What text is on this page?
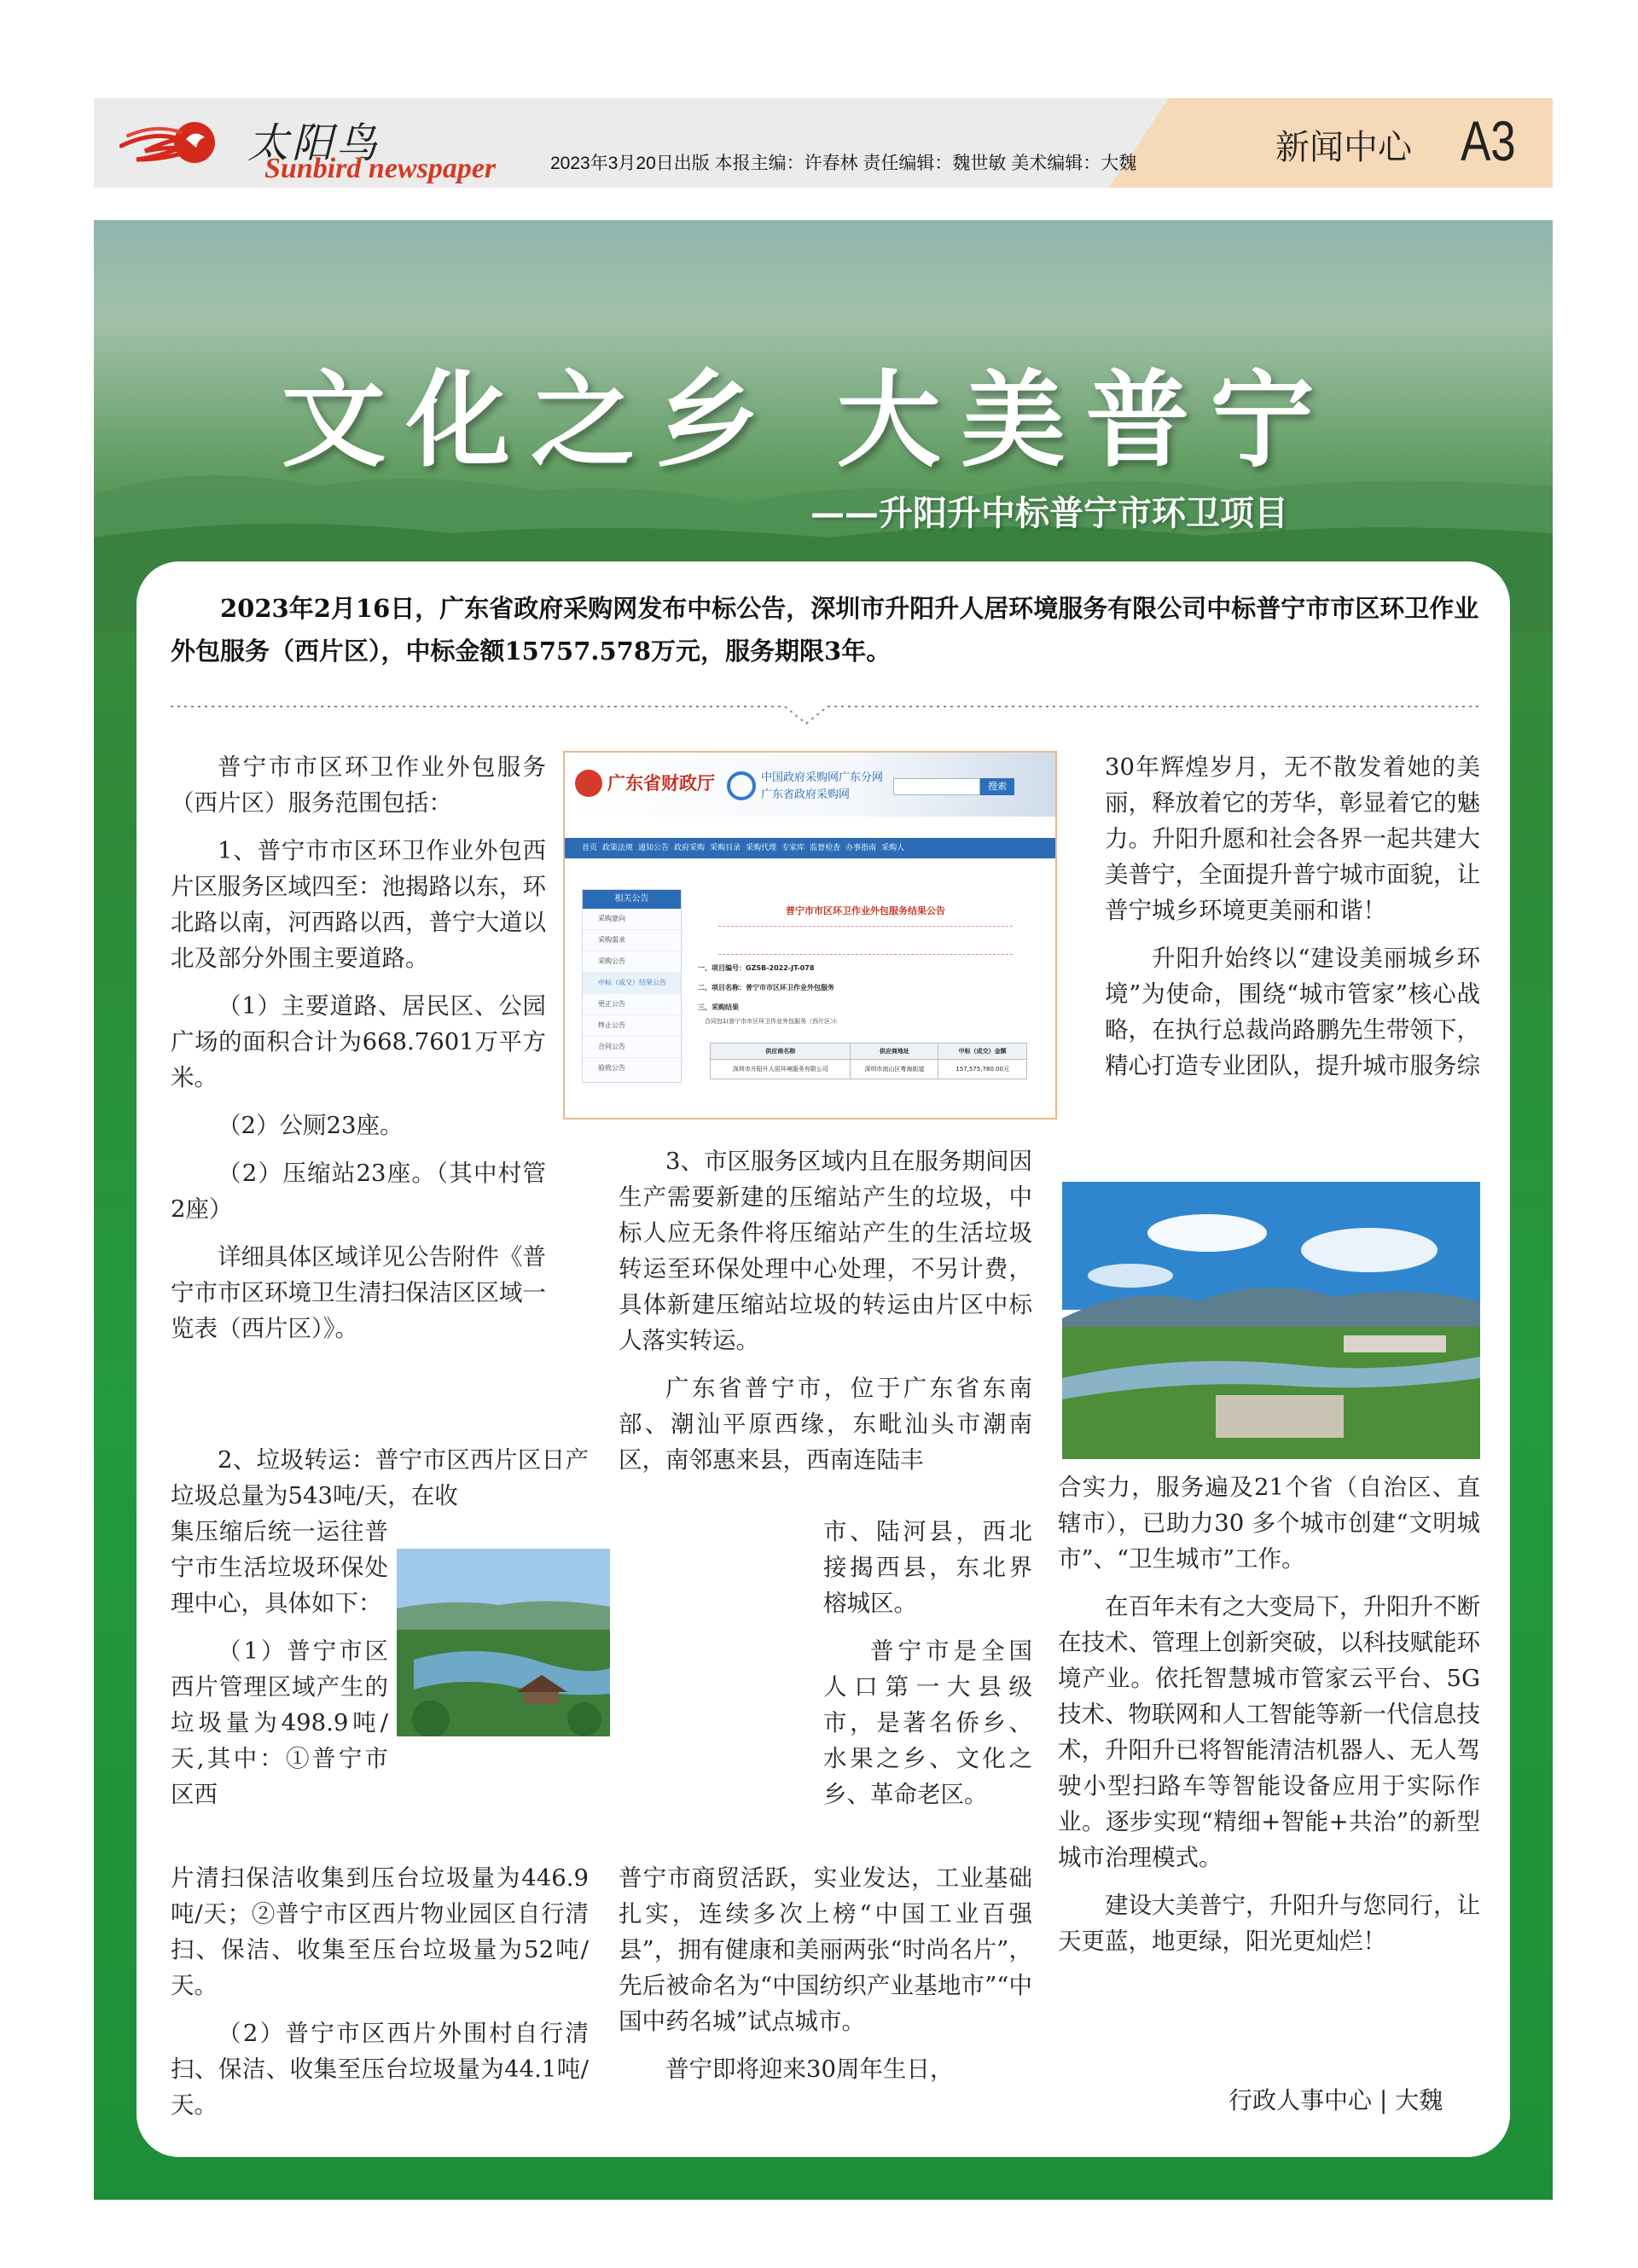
太阳鸟
Sunbird newspaper	2023年3月20日出版 本报主编：许春林 责任编辑：魏世敏 美术编辑：大魏	新闻中心 A3
文化之乡 大美普宁
——升阳升中标普宁市环卫项目

2023年2月16日，广东省政府采购网发布中标公告，深圳市升阳升人居环境服务有限公司中标普宁市市区环卫作业外包服务（西片区），中标金额15757.578万元，服务期限3年。

普宁市市区环卫作业外包服务（西片区）服务范围包括：

1、普宁市市区环卫作业外包西片区服务区域四至：池揭路以东，环北路以南，河西路以西，普宁大道以北及部分外围主要道路。

（1）主要道路、居民区、公园广场的面积合计为668.7601万平方米。

（2）公厕23座。

（2）压缩站23座。（其中村管2座）

详细具体区域详见公告附件《普宁市市区环境卫生清扫保洁区区域一览表（西片区）》。

2、垃圾转运：普宁市区西片区日产垃圾总量为543吨/天，在收

集压缩后统一运往普宁市生活垃圾环保处理中心，具体如下：

（1）普宁市区西片管理区域产生的垃圾量为498.9吨/天,其中：①普宁市区西

片清扫保洁收集到压台垃圾量为446.9吨/天；②普宁市区西片物业园区自行清扫、保洁、收集至压台垃圾量为52吨/天。

（2）普宁市区西片外围村自行清扫、保洁、收集至压台垃圾量为44.1吨/天。

广东省财政厅	中国政府采购网广东分网
广东省政府采购网
搜索
首页 政策法规 通知公告 政府采购 采购目录 采购代理 专家库 监督检查 办事指南 采购人
相关公告
采购意向
采购需求
采购公告
中标（成交）结果公告
更正公告
终止公告
合同公告
验收公告
普宁市市区环卫作业外包服务结果公告
一、项目编号：GZSB-2022-JT-078
二、项目名称：普宁市市区环卫作业外包服务
三、采购结果
合同包1(普宁市市区环卫作业外包服务（西片区）)：
供应商名称	供应商地址	中标（成交）金额
深圳市升阳升人居环境服务有限公司	深圳市南山区粤海街道	157,575,780.00元

3、市区服务区域内且在服务期间因生产需要新建的压缩站产生的垃圾，中标人应无条件将压缩站产生的生活垃圾转运至环保处理中心处理，不另计费，具体新建压缩站垃圾的转运由片区中标人落实转运。

广东省普宁市，位于广东省东南部、潮汕平原西缘，东毗汕头市潮南区，南邻惠来县，西南连陆丰

市、陆河县，西北接揭西县，东北界榕城区。

普宁市是全国人口第一大县级市，是著名侨乡、水果之乡、文化之乡、革命老区。

普宁市商贸活跃，实业发达，工业基础扎实，连续多次上榜“中国工业百强县”，拥有健康和美丽两张“时尚名片”，先后被命名为“中国纺织产业基地市”“中国中药名城”试点城市。

普宁即将迎来30周年生日，

30年辉煌岁月，无不散发着她的美丽，释放着它的芳华，彰显着它的魅力。升阳升愿和社会各界一起共建大美普宁，全面提升普宁城市面貌，让普宁城乡环境更美丽和谐！

升阳升始终以“建设美丽城乡环境”为使命，围绕“城市管家”核心战略，在执行总裁尚路鹏先生带领下，精心打造专业团队，提升城市服务综

合实力，服务遍及21个省（自治区、直辖市），已助力30 多个城市创建“文明城市”、“卫生城市”工作。

在百年未有之大变局下，升阳升不断在技术、管理上创新突破，以科技赋能环境产业。依托智慧城市管家云平台、5G 技术、物联网和人工智能等新一代信息技术，升阳升已将智能清洁机器人、无人驾驶小型扫路车等智能设备应用于实际作业。逐步实现“精细+智能+共治”的新型城市治理模式。

建设大美普宁，升阳升与您同行，让天更蓝，地更绿，阳光更灿烂！

行政人事中心 | 大魏
